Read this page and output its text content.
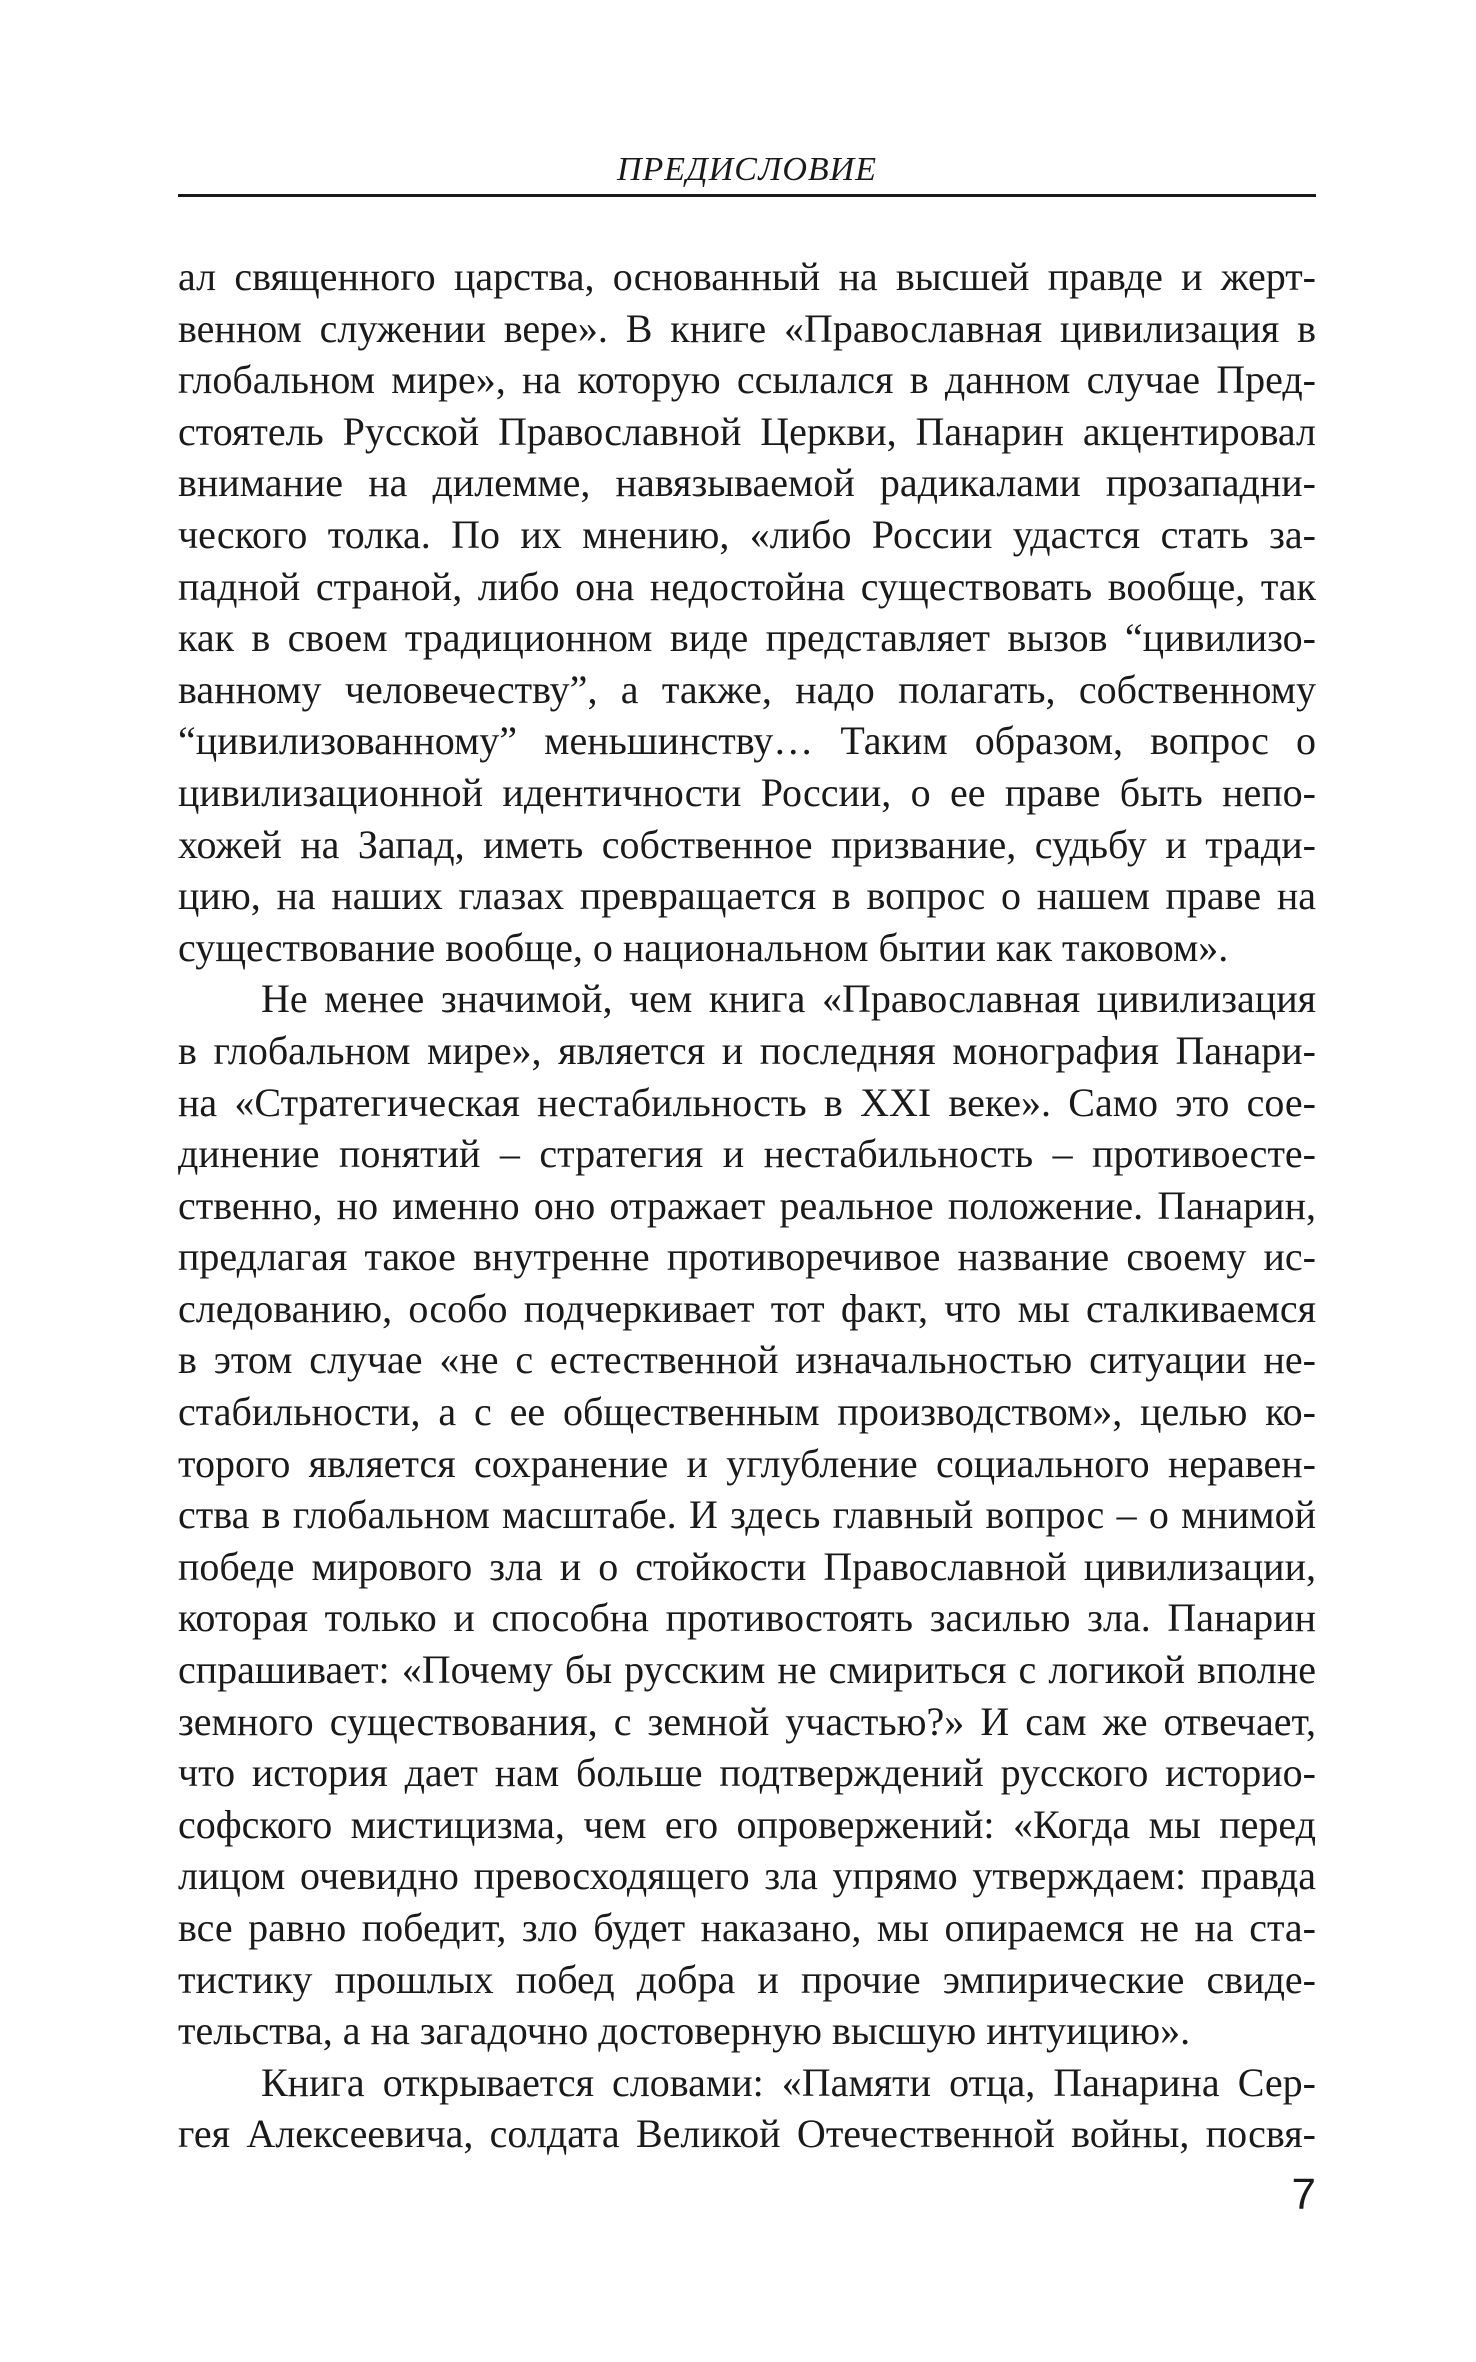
ПРЕДИСЛОВИЕ
ал священного царства, основанный на высшей правде и жерт-
венном служении вере». В книге «Православная цивилизация в
глобальном мире», на которую ссылался в данном случае Пред-
стоятель Русской Православной Церкви, Панарин акцентировал
внимание на дилемме, навязываемой радикалами прозападни-
ческого толка. По их мнению, «либо России удастся стать за-
падной страной, либо она недостойна существовать вообще, так
как в своем традиционном виде представляет вызов “цивилизо-
ванному человечеству”, а также, надо полагать, собственному
“цивилизованному” меньшинству… Таким образом, вопрос о
цивилизационной идентичности России, о ее праве быть непо-
хожей на Запад, иметь собственное призвание, судьбу и тради-
цию, на наших глазах превращается в вопрос о нашем праве на
существование вообще, о национальном бытии как таковом».
Не менее значимой, чем книга «Православная цивилизация
в глобальном мире», является и последняя монография Панари-
на «Стратегическая нестабильность в XXI веке». Само это сое-
динение понятий – стратегия и нестабильность – противоесте-
ственно, но именно оно отражает реальное положение. Панарин,
предлагая такое внутренне противоречивое название своему ис-
следованию, особо подчеркивает тот факт, что мы сталкиваемся
в этом случае «не с естественной изначальностью ситуации не-
стабильности, а с ее общественным производством», целью ко-
торого является сохранение и углубление социального неравен-
ства в глобальном масштабе. И здесь главный вопрос – о мнимой
победе мирового зла и о стойкости Православной цивилизации,
которая только и способна противостоять засилью зла. Панарин
спрашивает: «Почему бы русским не смириться с логикой вполне
земного существования, с земной участью?» И сам же отвечает,
что история дает нам больше подтверждений русского историо-
софского мистицизма, чем его опровержений: «Когда мы перед
лицом очевидно превосходящего зла упрямо утверждаем: правда
все равно победит, зло будет наказано, мы опираемся не на ста-
тистику прошлых побед добра и прочие эмпирические свиде-
тельства, а на загадочно достоверную высшую интуицию».
Книга открывается словами: «Памяти отца, Панарина Сер-
гея Алексеевича, солдата Великой Отечественной войны, посвя-
7
